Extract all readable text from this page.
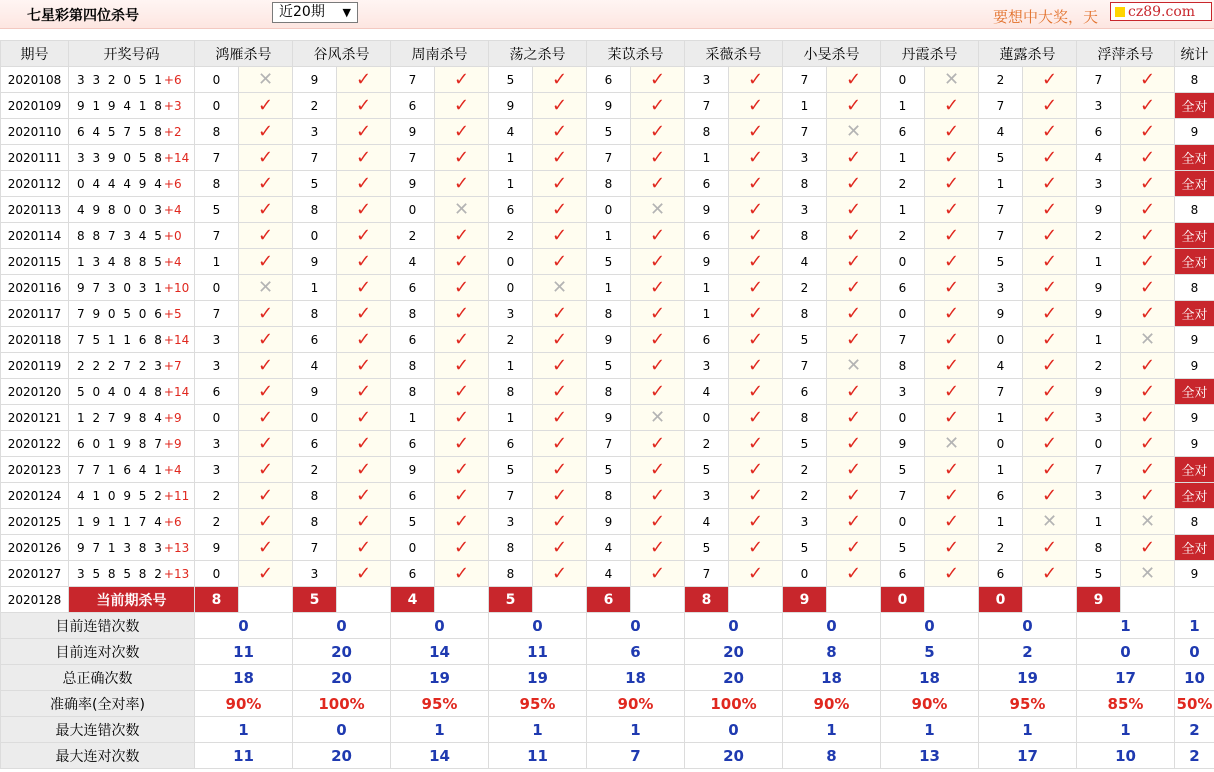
七星彩第四位杀号	近20期 ▼	要想中大奖，天	cz89.com
期号	开奖号码	鸿雁杀号		谷风杀号		周南杀号		荡之杀号		茉苡杀号		采薇杀号		小旻杀号		丹霞杀号		蓮露杀号		浮萍杀号		统计
2020108	3 3 2 0 5 1+6	0	✕	9	✓	7	✓	5	✓	6	✓	3	✓	7	✓	0	✕	2	✓	7	✓	8
2020109	9 1 9 4 1 8+3	0	✓	2	✓	6	✓	9	✓	9	✓	7	✓	1	✓	1	✓	7	✓	3	✓	全对
2020110	6 4 5 7 5 8+2	8	✓	3	✓	9	✓	4	✓	5	✓	8	✓	7	✕	6	✓	4	✓	6	✓	9
2020111	3 3 9 0 5 8+14	7	✓	7	✓	7	✓	1	✓	7	✓	1	✓	3	✓	1	✓	5	✓	4	✓	全对
2020112	0 4 4 4 9 4+6	8	✓	5	✓	9	✓	1	✓	8	✓	6	✓	8	✓	2	✓	1	✓	3	✓	全对
2020113	4 9 8 0 0 3+4	5	✓	8	✓	0	✕	6	✓	0	✕	9	✓	3	✓	1	✓	7	✓	9	✓	8
2020114	8 8 7 3 4 5+0	7	✓	0	✓	2	✓	2	✓	1	✓	6	✓	8	✓	2	✓	7	✓	2	✓	全对
2020115	1 3 4 8 8 5+4	1	✓	9	✓	4	✓	0	✓	5	✓	9	✓	4	✓	0	✓	5	✓	1	✓	全对
2020116	9 7 3 0 3 1+10	0	✕	1	✓	6	✓	0	✕	1	✓	1	✓	2	✓	6	✓	3	✓	9	✓	8
2020117	7 9 0 5 0 6+5	7	✓	8	✓	8	✓	3	✓	8	✓	1	✓	8	✓	0	✓	9	✓	9	✓	全对
2020118	7 5 1 1 6 8+14	3	✓	6	✓	6	✓	2	✓	9	✓	6	✓	5	✓	7	✓	0	✓	1	✕	9
2020119	2 2 2 7 2 3+7	3	✓	4	✓	8	✓	1	✓	5	✓	3	✓	7	✕	8	✓	4	✓	2	✓	9
2020120	5 0 4 0 4 8+14	6	✓	9	✓	8	✓	8	✓	8	✓	4	✓	6	✓	3	✓	7	✓	9	✓	全对
2020121	1 2 7 9 8 4+9	0	✓	0	✓	1	✓	1	✓	9	✕	0	✓	8	✓	0	✓	1	✓	3	✓	9
2020122	6 0 1 9 8 7+9	3	✓	6	✓	6	✓	6	✓	7	✓	2	✓	5	✓	9	✕	0	✓	0	✓	9
2020123	7 7 1 6 4 1+4	3	✓	2	✓	9	✓	5	✓	5	✓	5	✓	2	✓	5	✓	1	✓	7	✓	全对
2020124	4 1 0 9 5 2+11	2	✓	8	✓	6	✓	7	✓	8	✓	3	✓	2	✓	7	✓	6	✓	3	✓	全对
2020125	1 9 1 1 7 4+6	2	✓	8	✓	5	✓	3	✓	9	✓	4	✓	3	✓	0	✓	1	✕	1	✕	8
2020126	9 7 1 3 8 3+13	9	✓	7	✓	0	✓	8	✓	4	✓	5	✓	5	✓	5	✓	2	✓	8	✓	全对
2020127	3 5 8 5 8 2+13	0	✓	3	✓	6	✓	8	✓	4	✓	7	✓	0	✓	6	✓	6	✓	5	✕	9
2020128	当前期杀号	8		5		4		5		6		8		9		0		0		9		
目前连错次数		0		0		0		0		0		0		0		0		0		1		1
目前连对次数		11		20		14		11		6		20		8		5		2		0		0
总正确次数		18		20		19		19		18		20		18		18		19		17		10
准确率(全对率)		90%		100%		95%		95%		90%		100%		90%		90%		95%		85%		50%
最大连错次数		1		0		1		1		1		0		1		1		1		1		2
最大连对次数		11		20		14		11		7		20		8		13		17		10		2
